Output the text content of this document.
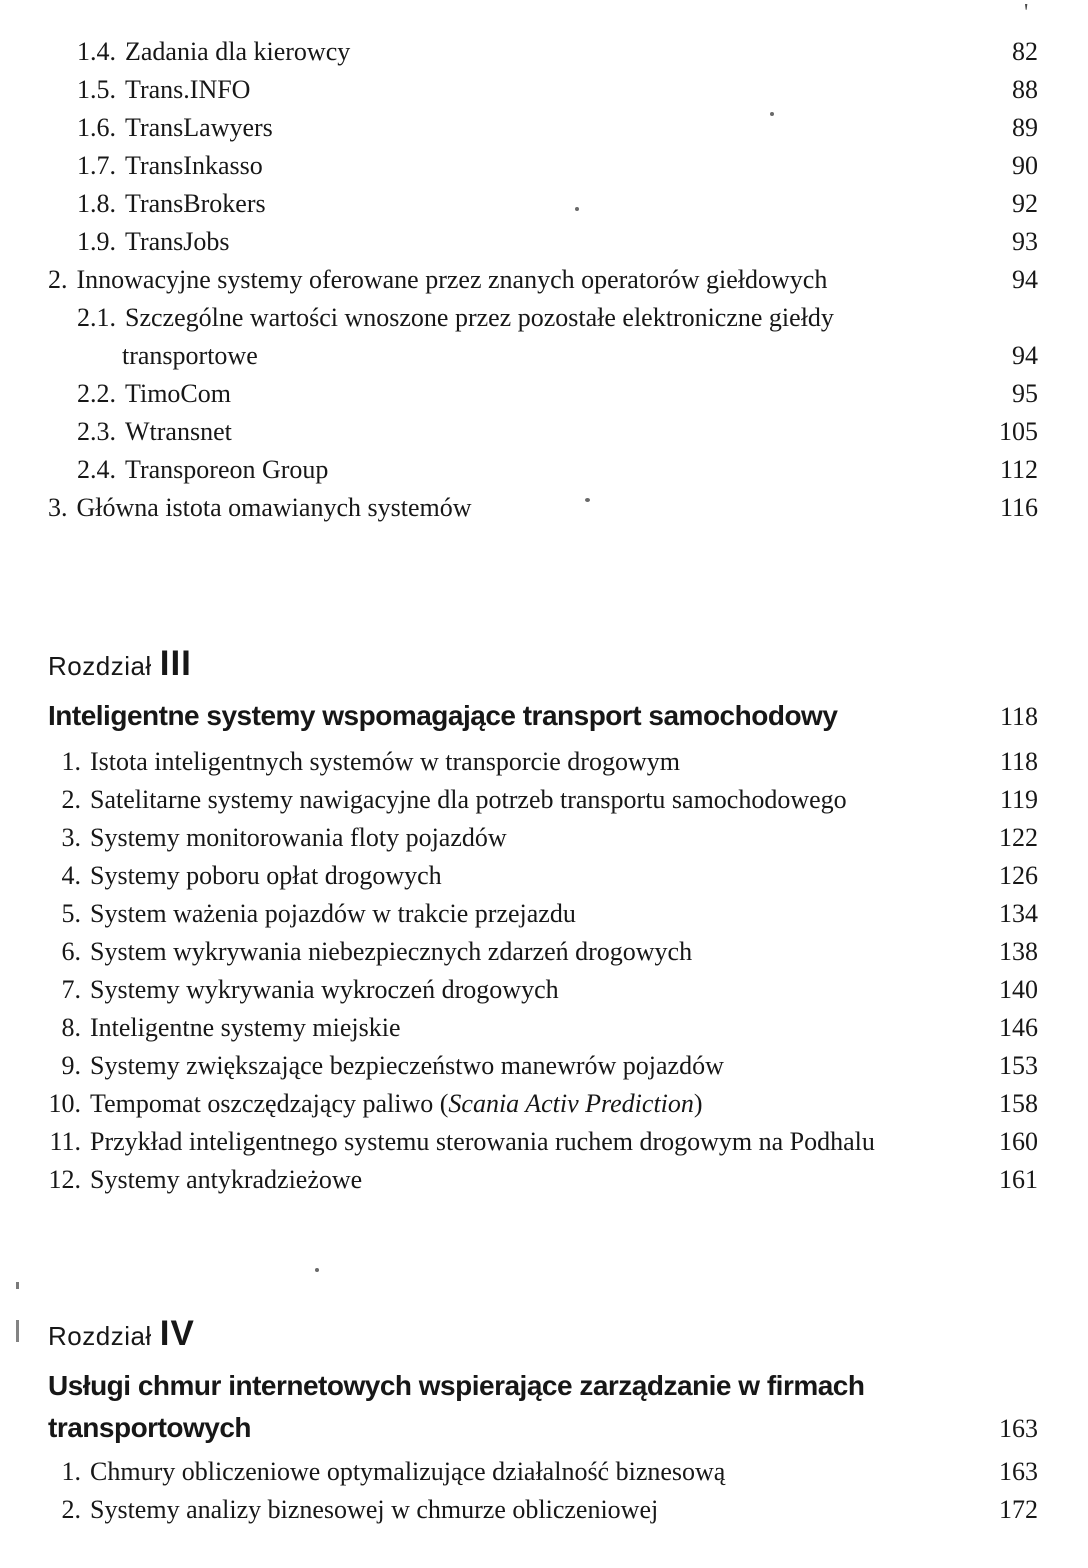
'
1.4. Zadania dla kierowcy	82
1.5. Trans.INFO	88
1.6. TransLawyers	89
1.7. TransInkasso	90
1.8. TransBrokers	92
1.9. TransJobs	93
2. Innowacyjne systemy oferowane przez znanych operatorów giełdowych	94
2.1. Szczególne wartości wnoszone przez pozostałe elektroniczne giełdy
transportowe	94
2.2. TimoCom	95
2.3. Wtransnet	105
2.4. Transporeon Group	112
3. Główna istota omawianych systemów	116
Rozdział III
Inteligentne systemy wspomagające transport samochodowy	118
1. Istota inteligentnych systemów w transporcie drogowym	118
2. Satelitarne systemy nawigacyjne dla potrzeb transportu samochodowego	119
3. Systemy monitorowania floty pojazdów	122
4. Systemy poboru opłat drogowych	126
5. System ważenia pojazdów w trakcie przejazdu	134
6. System wykrywania niebezpiecznych zdarzeń drogowych	138
7. Systemy wykrywania wykroczeń drogowych	140
8. Inteligentne systemy miejskie	146
9. Systemy zwiększające bezpieczeństwo manewrów pojazdów	153
10. Tempomat oszczędzający paliwo (Scania Activ Prediction)	158
11. Przykład inteligentnego systemu sterowania ruchem drogowym na Podhalu	160
12. Systemy antykradzieżowe	161
Rozdział IV
Usługi chmur internetowych wspierające zarządzanie w firmach
transportowych	163
1. Chmury obliczeniowe optymalizujące działalność biznesową	163
2. Systemy analizy biznesowej w chmurze obliczeniowej	172
